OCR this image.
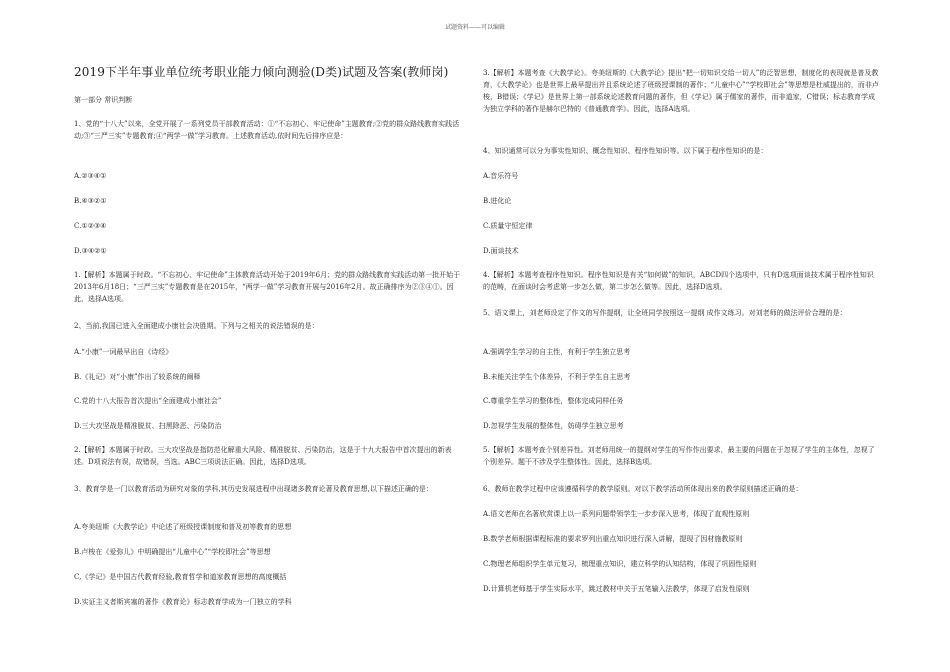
试题资料——可以编辑
2019下半年事业单位统考职业能力倾向测验(D类)试题及答案(教师岗)

第一部分 常识判断

1、党的“十八大”以来，全党开展了一系列党员干部教育活动：①“不忘初心、牢记使命”主题教育;②党的群众路线教育实践活动;③“三严三实”专题教育;④“两学一做”学习教育。上述教育活动,依时间先后排序应是：

A.②③④①

B.④③②①

C.①②③④

D.③④②①

1.【解析】本题属于时政。“不忘初心、牢记使命”主体教育活动开始于2019年6月；党的群众路线教育实践活动第一批开始于2013年6月18日；“三严三实”专题教育是在2015年，“两学一做”学习教育开展与2016年2月。故正确排序为②③④①。因此，选择A选项。

2、当前,我国已进入全面建成小康社会决胜期。下列与之相关的说法错误的是：

A.“小康”一词最早出自《诗经》

B.《礼记》对“小康”作出了较系统的阐释

C.党的十八大报告首次提出“全面建成小康社会”

D.三大攻坚战是精准脱贫、扫黑除恶、污染防治

2.【解析】本题属于时政。三大攻坚战是指防范化解重大风险、精准脱贫、污染防治，这是于十九大报告中首次提出的新表述。D项说法有误，故错误，当选。ABC三项说法正确。因此，选择D选项。

3、教育学是一门以教育活动为研究对象的学科,其历史发展进程中出现诸多教育论著及教育思想,以下描述正确的是：

A.夸美纽斯《大教学论》中论述了班级授课制度和普及初等教育的思想

B.卢梭在《爱弥儿》中明确提出“儿童中心”“学校即社会”等思想

C,《学记》是中国古代教育经验,教育哲学和道家教育思想的高度概括

D.实证主义者斯宾塞的著作《教育论》标志教育学成为一门独立的学科

3.【解析】本题考查《大教学论》。夸美纽斯的《大教学论》提出“把一切知识交给一切人”的泛智思想，制度化的表现就是普及教育，《大教学论》也是世界上最早提出并且系统论述了班级授课制的著作；“儿童中心”“学校即社会”等思想是杜威提出的，而非卢梭，B错误；《学记》是世界上第一部系统论述教育问题的著作，但《学记》属于儒家的著作，而非道家，C错误；标志教育学成为独立学科的著作是赫尔巴特的《普通教育学》。因此，选择A选项。

4、知识通常可以分为事实性知识、概念性知识、程序性知识等。以下属于程序性知识的是：

A.音乐符号

B.进化论

C.质量守恒定律

D.面谈技术

4.【解析】本题考查程序性知识。程序性知识是有关“如何做”的知识，ABCD四个选项中，只有D选项面谈技术属于程序性知识的范畴，在面谈时会考虑第一步怎么做，第二步怎么做等。因此，选择D选项。

5、语文课上，刘老师设定了作文的写作提纲，让全班同学按照这一提纲 成作文练习。对刘老师的做法评价合理的是：

A.强调学生学习的自主性，有利于学生独立思考

B.未能关注学生个体差异，不利于学生自主思考

C.尊重学生学习的整体性，整体完成同样任务

D.忽视学生发展的整体性，妨碍学生独立思考

5.【解析】本题考查个别差异性。刘老师用统一的提纲对学生的写作作出要求，最主要的问题在于忽视了学生的主体性，忽视了个别差异。题干不涉及学生整体性。因此，选择B选项。

6、教师在教学过程中应该遵循科学的教学原则。对以下教学活动所体现出来的教学原则描述正确的是：

A.语文老师在名著欣赏课上以一系列问题带领学生一步步深入思考，体现了直观性原则

B.数学老师根据课程标准的要求罗列出重点知识进行深入讲解，提现了因材施教原则

C.物理老师组织学生单元复习，梳理重点知识，建立科学的认知结构，体现了巩固性原则

D.计算机老师基于学生实际水平，跳过教材中关于五笔输入法教学，体现了启发性原则
